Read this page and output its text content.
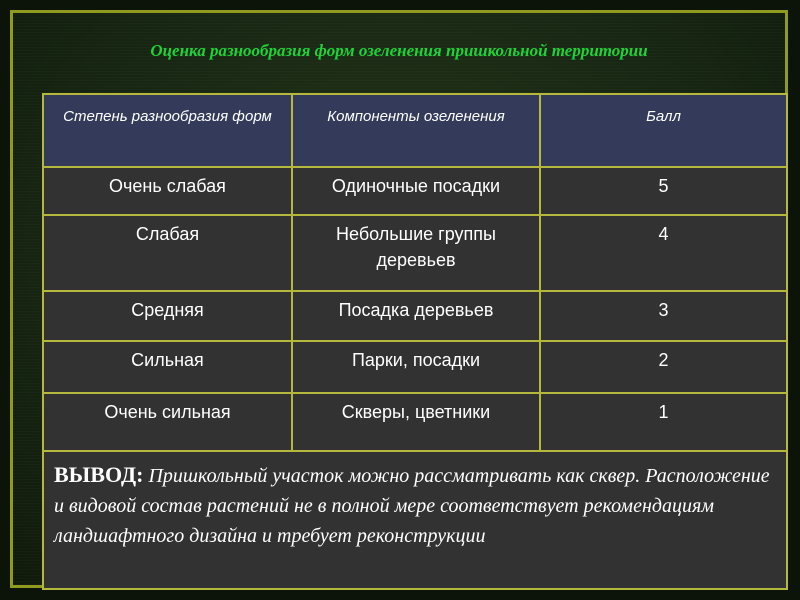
Оценка разнообразия форм озеленения пришкольной территории
Степень разнообразия форм	Компоненты озеленения	Балл
Очень слабая	Одиночные посадки	5
Слабая	Небольшие группы деревьев	4
Средняя	Посадка деревьев	3
Сильная	Парки, посадки	2
Очень сильная	Скверы, цветники	1
ВЫВОД: Пришкольный участок можно рассматривать как сквер. Расположение и видовой состав растений не в полной мере соответствует рекомендациям ландшафтного дизайна и требует реконструкции		
